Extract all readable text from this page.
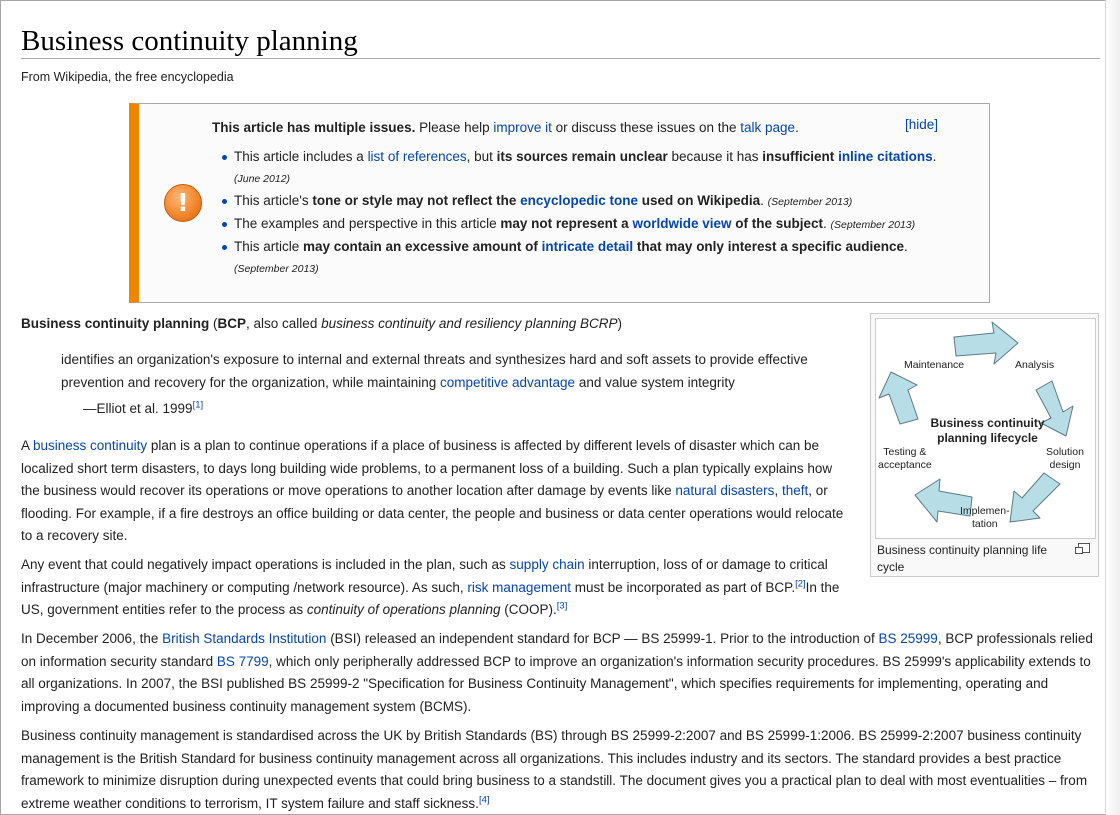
Business continuity planning
From Wikipedia, the free encyclopedia
!
This article has multiple issues. Please help improve it or discuss these issues on the talk page.
This article includes a list of references, but its sources remain unclear because it has insufficient inline citations. (June 2012)
This article's tone or style may not reflect the encyclopedic tone used on Wikipedia. (September 2013)
The examples and perspective in this article may not represent a worldwide view of the subject. (September 2013)
This article may contain an excessive amount of intricate detail that may only interest a specific audience. (September 2013)
[hide]
Business continuity planning (BCP, also called business continuity and resiliency planning BCRP)
identifies an organization's exposure to internal and external threats and synthesizes hard and soft assets to provide effective prevention and recovery for the organization, while maintaining competitive advantage and value system integrity
—Elliot et al. 1999[1]
A business continuity plan is a plan to continue operations if a place of business is affected by different levels of disaster which can be localized short term disasters, to days long building wide problems, to a permanent loss of a building. Such a plan typically explains how the business would recover its operations or move operations to another location after damage by events like natural disasters, theft, or flooding. For example, if a fire destroys an office building or data center, the people and business or data center operations would relocate to a recovery site.
Any event that could negatively impact operations is included in the plan, such as supply chain interruption, loss of or damage to critical infrastructure (major machinery or computing /network resource). As such, risk management must be incorporated as part of BCP.[2]In the US, government entities refer to the process as continuity of operations planning (COOP).[3]
In December 2006, the British Standards Institution (BSI) released an independent standard for BCP — BS 25999-1. Prior to the introduction of BS 25999, BCP professionals relied on information security standard BS 7799, which only peripherally addressed BCP to improve an organization's information security procedures. BS 25999's applicability extends to all organizations. In 2007, the BSI published BS 25999-2 "Specification for Business Continuity Management", which specifies requirements for implementing, operating and improving a documented business continuity management system (BCMS).
Business continuity management is standardised across the UK by British Standards (BS) through BS 25999-2:2007 and BS 25999-1:2006. BS 25999-2:2007 business continuity management is the British Standard for business continuity management across all organizations. This includes industry and its sectors. The standard provides a best practice framework to minimize disruption during unexpected events that could bring business to a standstill. The document gives you a practical plan to deal with most eventualities – from extreme weather conditions to terrorism, IT system failure and staff sickness.[4]
Maintenance	Analysis
Solution
design
Implemen-
tation
Testing &
acceptance
Business continuity
planning lifecycle
Business continuity planning life cycle
